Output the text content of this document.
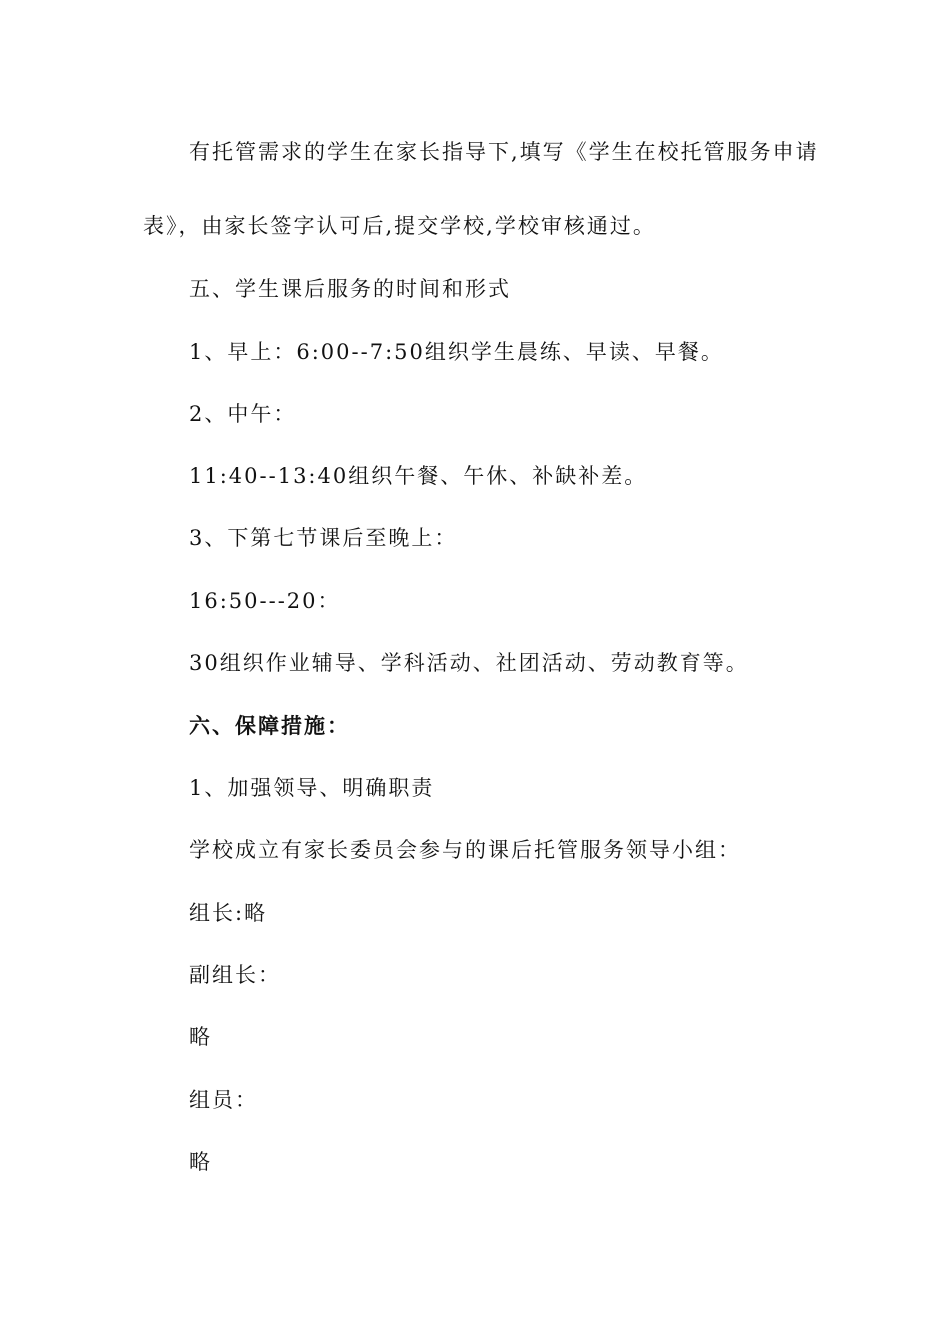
有托管需求的学生在家长指导下,填写《学生在校托管服务申请
表》，由家长签字认可后,提交学校,学校审核通过。
五、学生课后服务的时间和形式
1、早上：6:00--7:50组织学生晨练、早读、早餐。
2、中午：
11:40--13:40组织午餐、午休、补缺补差。
3、下第七节课后至晚上：
16:50---20：
30组织作业辅导、学科活动、社团活动、劳动教育等。
六、保障措施：
1、加强领导、明确职责
学校成立有家长委员会参与的课后托管服务领导小组：
组长:略
副组长：
略
组员：
略
